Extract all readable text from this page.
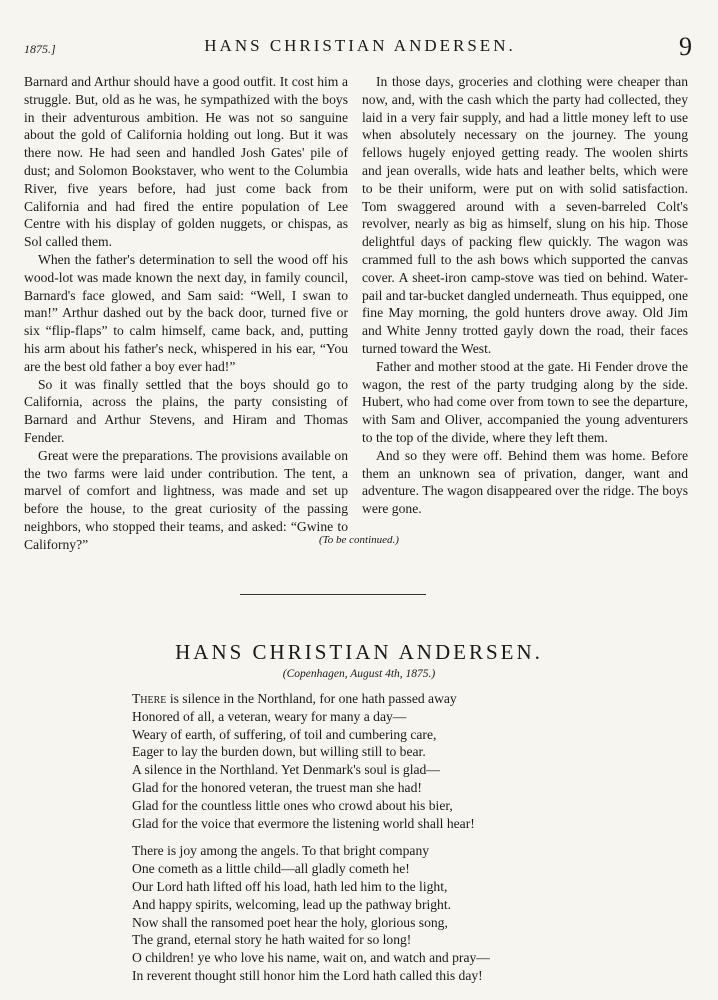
1875.]	HANS CHRISTIAN ANDERSEN.	9

Barnard and Arthur should have a good outfit. It cost him a struggle. But, old as he was, he sympathized with the boys in their adventurous ambition. He was not so sanguine about the gold of California holding out long. But it was there now. He had seen and handled Josh Gates' pile of dust; and Solomon Bookstaver, who went to the Columbia River, five years before, had just come back from California and had fired the entire population of Lee Centre with his display of golden nuggets, or chispas, as Sol called them.

When the father's determination to sell the wood off his wood-lot was made known the next day, in family council, Barnard's face glowed, and Sam said: “Well, I swan to man!” Arthur dashed out by the back door, turned five or six “flip-flaps” to calm himself, came back, and, putting his arm about his father's neck, whispered in his ear, “You are the best old father a boy ever had!”

So it was finally settled that the boys should go to California, across the plains, the party consisting of Barnard and Arthur Stevens, and Hiram and Thomas Fender.

Great were the preparations. The provisions available on the two farms were laid under contribution. The tent, a marvel of comfort and lightness, was made and set up before the house, to the great curiosity of the passing neighbors, who stopped their teams, and asked: “Gwine to Californy?”

In those days, groceries and clothing were cheaper than now, and, with the cash which the party had collected, they laid in a very fair supply, and had a little money left to use when absolutely necessary on the journey. The young fellows hugely enjoyed getting ready. The woolen shirts and jean overalls, wide hats and leather belts, which were to be their uniform, were put on with solid satisfaction. Tom swaggered around with a seven-barreled Colt's revolver, nearly as big as himself, slung on his hip. Those delightful days of packing flew quickly. The wagon was crammed full to the ash bows which supported the canvas cover. A sheet-iron camp-stove was tied on behind. Water-pail and tar-bucket dangled underneath. Thus equipped, one fine May morning, the gold hunters drove away. Old Jim and White Jenny trotted gayly down the road, their faces turned toward the West.

Father and mother stood at the gate. Hi Fender drove the wagon, the rest of the party trudging along by the side. Hubert, who had come over from town to see the departure, with Sam and Oliver, accompanied the young adventurers to the top of the divide, where they left them.

And so they were off. Behind them was home. Before them an unknown sea of privation, danger, want and adventure. The wagon disappeared over the ridge. The boys were gone.

(To be continued.)
HANS CHRISTIAN ANDERSEN.
(Copenhagen, August 4th, 1875.)
There is silence in the Northland, for one hath passed away
Honored of all, a veteran, weary for many a day—
Weary of earth, of suffering, of toil and cumbering care,
Eager to lay the burden down, but willing still to bear.
A silence in the Northland. Yet Denmark's soul is glad—
Glad for the honored veteran, the truest man she had!
Glad for the countless little ones who crowd about his bier,
Glad for the voice that evermore the listening world shall hear!
There is joy among the angels. To that bright company
One cometh as a little child—all gladly cometh he!
Our Lord hath lifted off his load, hath led him to the light,
And happy spirits, welcoming, lead up the pathway bright.
Now shall the ransomed poet hear the holy, glorious song,
The grand, eternal story he hath waited for so long!
O children! ye who love his name, wait on, and watch and pray—
In reverent thought still honor him the Lord hath called this day!
